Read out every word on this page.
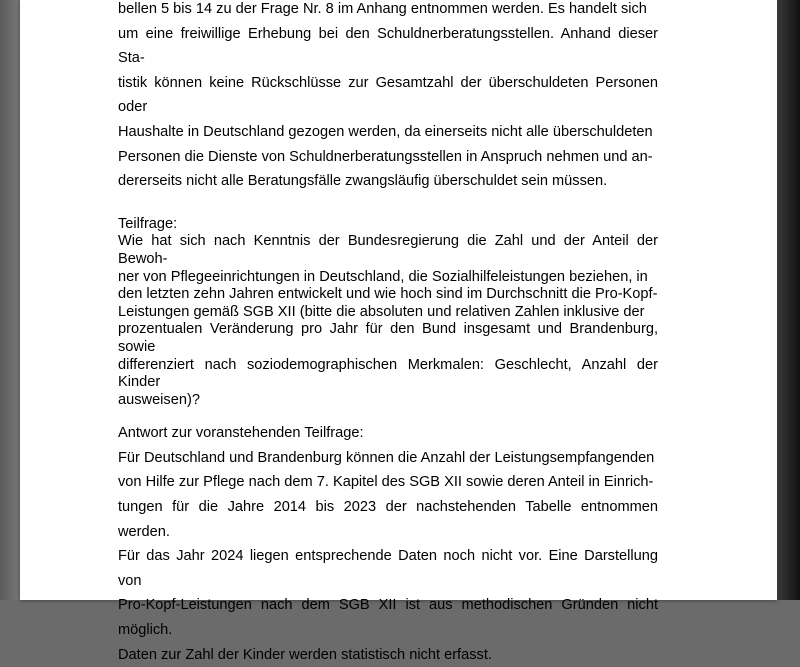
bellen 5 bis 14 zu der Frage Nr. 8 im Anhang entnommen werden. Es handelt sich
um eine freiwillige Erhebung bei den Schuldnerberatungsstellen. Anhand dieser Sta-
tistik können keine Rückschlüsse zur Gesamtzahl der überschuldeten Personen oder
Haushalte in Deutschland gezogen werden, da einerseits nicht alle überschuldeten
Personen die Dienste von Schuldnerberatungsstellen in Anspruch nehmen und an-
dererseits nicht alle Beratungsfälle zwangsläufig überschuldet sein müssen.

Teilfrage:

Wie hat sich nach Kenntnis der Bundesregierung die Zahl und der Anteil der Bewoh-
ner von Pflegeeinrichtungen in Deutschland, die Sozialhilfeleistungen beziehen, in
den letzten zehn Jahren entwickelt und wie hoch sind im Durchschnitt die Pro-Kopf-
Leistungen gemäß SGB XII (bitte die absoluten und relativen Zahlen inklusive der
prozentualen Veränderung pro Jahr für den Bund insgesamt und Brandenburg, sowie
differenziert nach soziodemographischen Merkmalen: Geschlecht, Anzahl der Kinder
ausweisen)?

Antwort zur voranstehenden Teilfrage:

Für Deutschland und Brandenburg können die Anzahl der Leistungsempfangenden
von Hilfe zur Pflege nach dem 7. Kapitel des SGB XII sowie deren Anteil in Einrich-
tungen für die Jahre 2014 bis 2023 der nachstehenden Tabelle entnommen werden.
Für das Jahr 2024 liegen entsprechende Daten noch nicht vor. Eine Darstellung von
Pro-Kopf-Leistungen nach dem SGB XII ist aus methodischen Gründen nicht möglich.
Daten zur Zahl der Kinder werden statistisch nicht erfasst.
